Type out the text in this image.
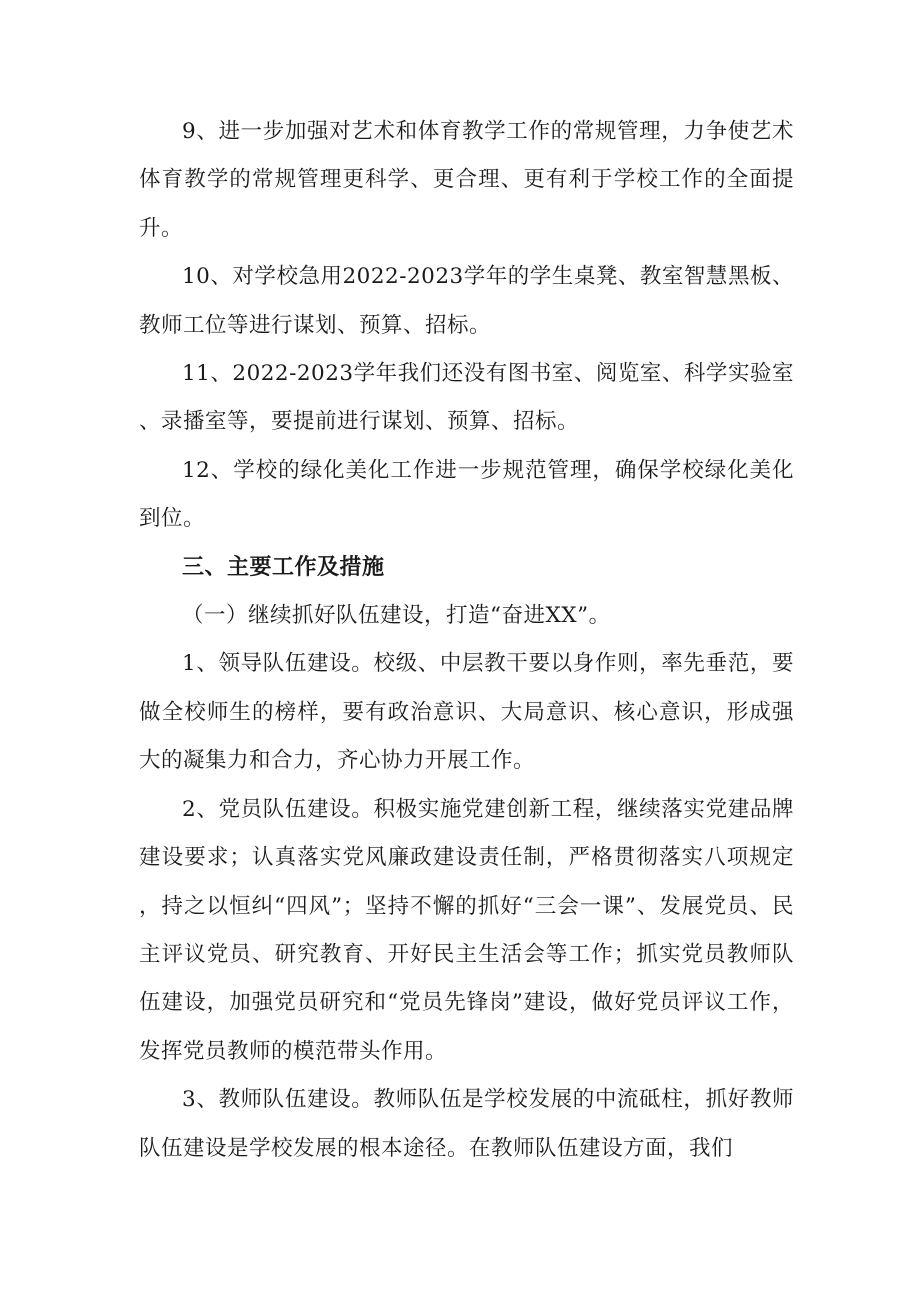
9、进一步加强对艺术和体育教学工作的常规管理，力争使艺术体育教学的常规管理更科学、更合理、更有利于学校工作的全面提升。

10、对学校急用2022-2023学年的学生桌凳、教室智慧黑板、教师工位等进行谋划、预算、招标。

11、2022-2023学年我们还没有图书室、阅览室、科学实验室、录播室等，要提前进行谋划、预算、招标。

12、学校的绿化美化工作进一步规范管理，确保学校绿化美化到位。

三、主要工作及措施

（一）继续抓好队伍建设，打造“奋进XX”。

1、领导队伍建设。校级、中层教干要以身作则，率先垂范，要做全校师生的榜样，要有政治意识、大局意识、核心意识，形成强大的凝集力和合力，齐心协力开展工作。

2、党员队伍建设。积极实施党建创新工程，继续落实党建品牌建设要求；认真落实党风廉政建设责任制，严格贯彻落实八项规定，持之以恒纠“四风”；坚持不懈的抓好“三会一课”、发展党员、民主评议党员、研究教育、开好民主生活会等工作；抓实党员教师队伍建设，加强党员研究和“党员先锋岗”建设，做好党员评议工作，发挥党员教师的模范带头作用。

3、教师队伍建设。教师队伍是学校发展的中流砥柱，抓好教师队伍建设是学校发展的根本途径。在教师队伍建设方面，我们
